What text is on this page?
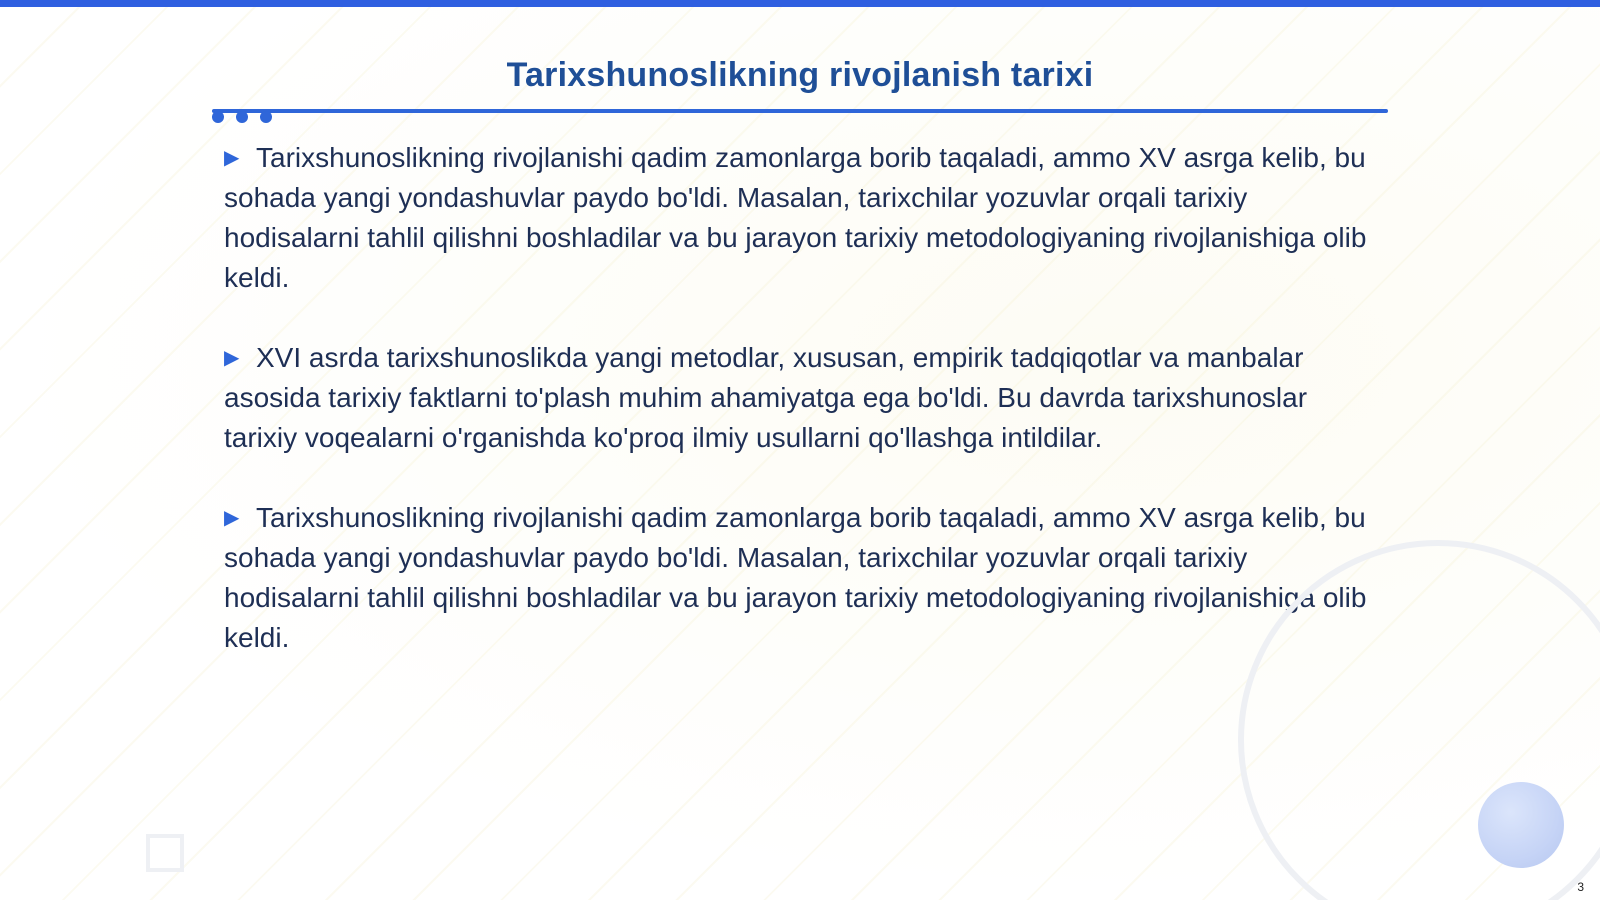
Tarixshunoslikning rivojlanish tarixi

▶ Tarixshunoslikning rivojlanishi qadim zamonlarga borib taqaladi, ammo XV asrga kelib, bu sohada yangi yondashuvlar paydo bo'ldi. Masalan, tarixchilar yozuvlar orqali tarixiy hodisalarni tahlil qilishni boshladilar va bu jarayon tarixiy metodologiyaning rivojlanishiga olib keldi.

▶ XVI asrda tarixshunoslikda yangi metodlar, xususan, empirik tadqiqotlar va manbalar asosida tarixiy faktlarni to'plash muhim ahamiyatga ega bo'ldi. Bu davrda tarixshunoslar tarixiy voqealarni o'rganishda ko'proq ilmiy usullarni qo'llashga intildilar.

▶ Tarixshunoslikning rivojlanishi qadim zamonlarga borib taqaladi, ammo XV asrga kelib, bu sohada yangi yondashuvlar paydo bo'ldi. Masalan, tarixchilar yozuvlar orqali tarixiy hodisalarni tahlil qilishni boshladilar va bu jarayon tarixiy metodologiyaning rivojlanishiga olib keldi.

3
